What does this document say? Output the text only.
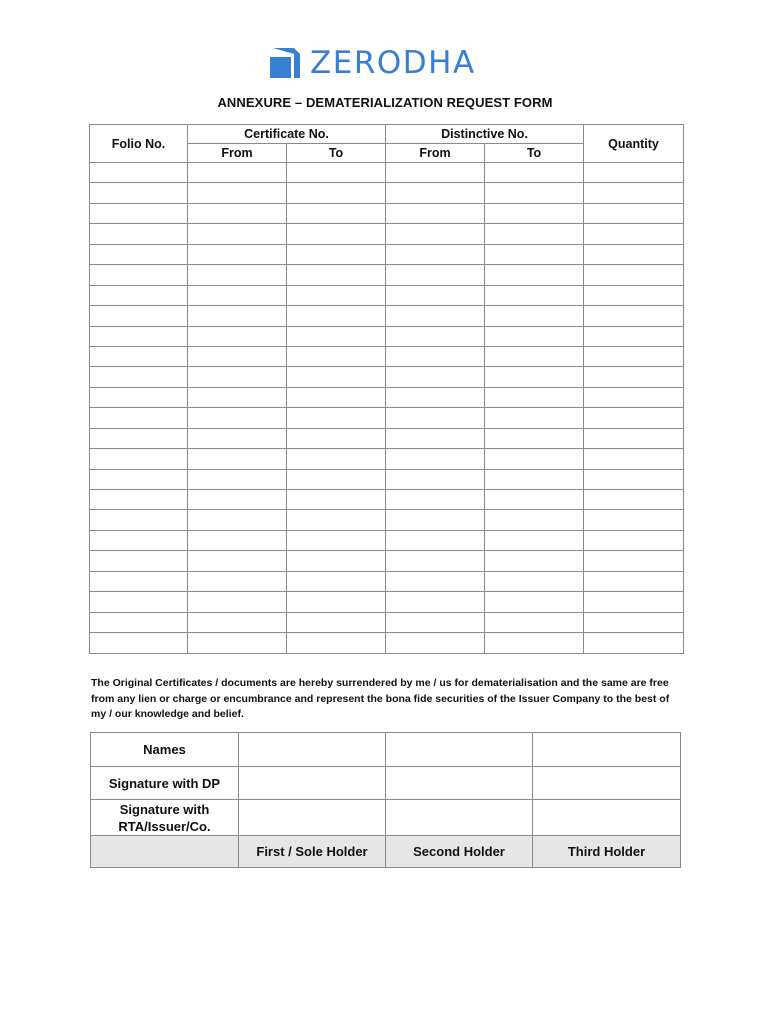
ZERODHA
ANNEXURE – DEMATERIALIZATION REQUEST FORM
Folio No.	Certificate No.		Distinctive No.		Quantity
	From	To	From	To	

The Original Certificates / documents are hereby surrendered by me / us for dematerialisation and the same are free from any lien or charge or encumbrance and represent the bona fide securities of the Issuer Company to the best of my / our knowledge and belief.
Names			
Signature with DP			
Signature with RTA/Issuer/Co.			
	First / Sole Holder	Second Holder	Third Holder
